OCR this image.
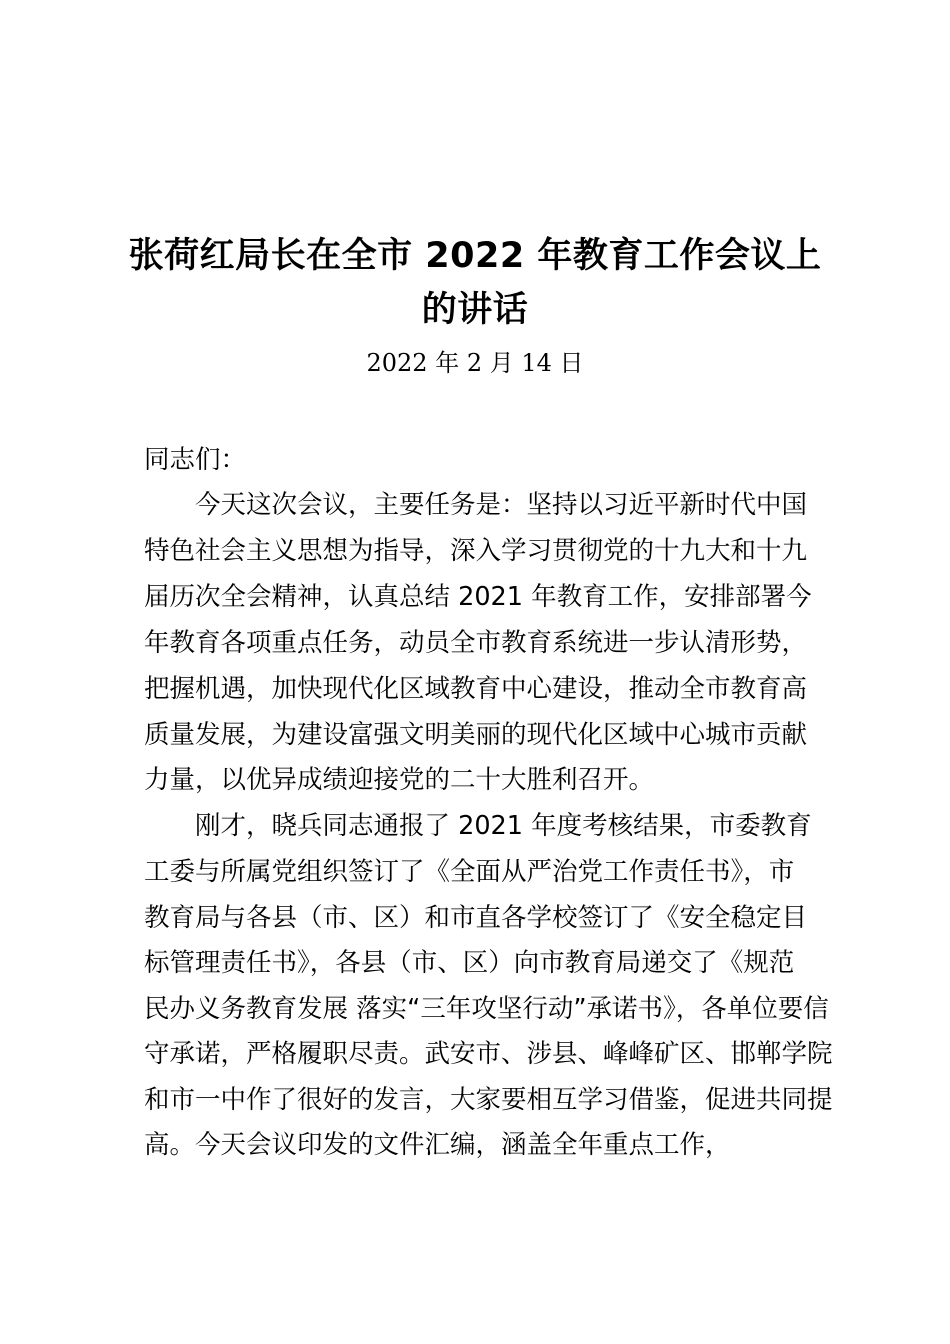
张荷红局长在全市 2022 年教育工作会议上
的讲话
2022 年 2 月 14 日
同志们：
今天这次会议，主要任务是：坚持以习近平新时代中国
特色社会主义思想为指导，深入学习贯彻党的十九大和十九
届历次全会精神，认真总结 2021 年教育工作，安排部署今
年教育各项重点任务，动员全市教育系统进一步认清形势，
把握机遇，加快现代化区域教育中心建设，推动全市教育高
质量发展，为建设富强文明美丽的现代化区域中心城市贡献
力量，以优异成绩迎接党的二十大胜利召开。
刚才，晓兵同志通报了 2021 年度考核结果，市委教育
工委与所属党组织签订了《全面从严治党工作责任书》，市
教育局与各县（市、区）和市直各学校签订了《安全稳定目
标管理责任书》，各县（市、区）向市教育局递交了《规范
民办义务教育发展 落实“三年攻坚行动”承诺书》，各单位要信
守承诺，严格履职尽责。武安市、涉县、峰峰矿区、邯郸学院
和市一中作了很好的发言，大家要相互学习借鉴，促进共同提
高。今天会议印发的文件汇编，涵盖全年重点工作，
